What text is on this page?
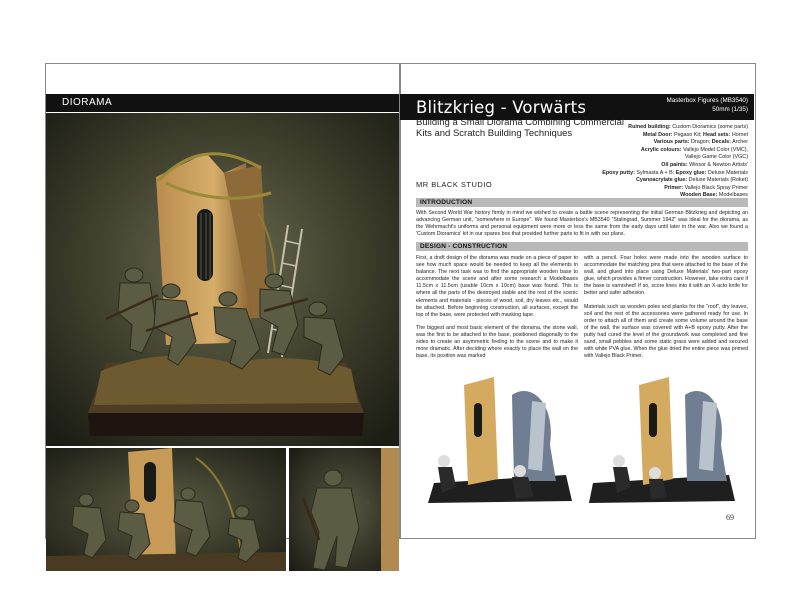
DIORAMA
68
Blitzkrieg - Vorwärts	Masterbox Figures (MB3540)
50mm (1/35)
Building a Small Diorama Combining Commercial Kits and Scratch Building Techniques
MR BLACK STUDIO
Ruined building: Custom Dioramics (some parts)
Metal Door: Pegaso Kit; Head sets: Hornet
Various parts: Dragon; Decals: Archer
Acrylic colours: Vallejo Model Color (VMC),
Vallejo Game Color (VGC)
Oil paints: Winsor & Newton Artists'
Epoxy putty: Sylmasta A + B; Epoxy glue: Deluxe Materials
Cyanoacrylate glue: Deluxe Materials (Roket)
Primer: Vallejo Black Spray Primer
Wooden Base: Modelbases
INTRODUCTION
With Second World War history firmly in mind we wished to create a battle scene representing the initial German Blitzkrieg and depicting an advancing German unit, "somewhere in Europe". We found Masterbox's MB3540 "Stalingrad, Summer 1942" was ideal for the diorama, as the Wehrmacht's uniforms and personal equipment were more or less the same from the early days until later in the war. Also we found a 'Custom Dioramics' kit in our spares box that provided further parts to fit in with our plans.
DESIGN - CONSTRUCTION

First, a draft design of the diorama was made on a piece of paper to see how much space would be needed to keep all the elements in balance. The next task was to find the appropriate wooden base to accommodate the scene and after some research a Modelbases 11.5cm x 11.5cm (usable 10cm x 10cm) base was found. This is where all the parts of the destroyed stable and the rest of the scenic elements and materials - pieces of wood, soil, dry leaves etc., would be attached. Before beginning construction, all surfaces, except the top of the base, were protected with masking tape.

The biggest and most basic element of the diorama, the stone wall, was the first to be attached to the base, positioned diagonally to the sides to create an asymmetric feeling to the scene and to make it more dramatic. After deciding where exactly to place the wall on the base, its position was marked

with a pencil. Four holes were made into the wooden surface to accommodate the matching pins that were attached to the base of the wall, and glued into place using Deluxe Materials' two-part epoxy glue, which provides a firmer construction. However, take extra care if the base is varnished! If so, score lines into it with an X-acto knife for better and safer adhesion.

Materials such as wooden poles and planks for the "roof", dry leaves, soil and the rest of the accessories were gathered ready for use. In order to attach all of them and create some volume around the base of the wall, the surface was covered with A+B epoxy putty. After the putty had cured the level of the groundwork was completed and fine sand, small pebbles and some static grass were added and secured with white PVA glue. When the glue dried the entire piece was primed with Vallejo Black Primer.

69
